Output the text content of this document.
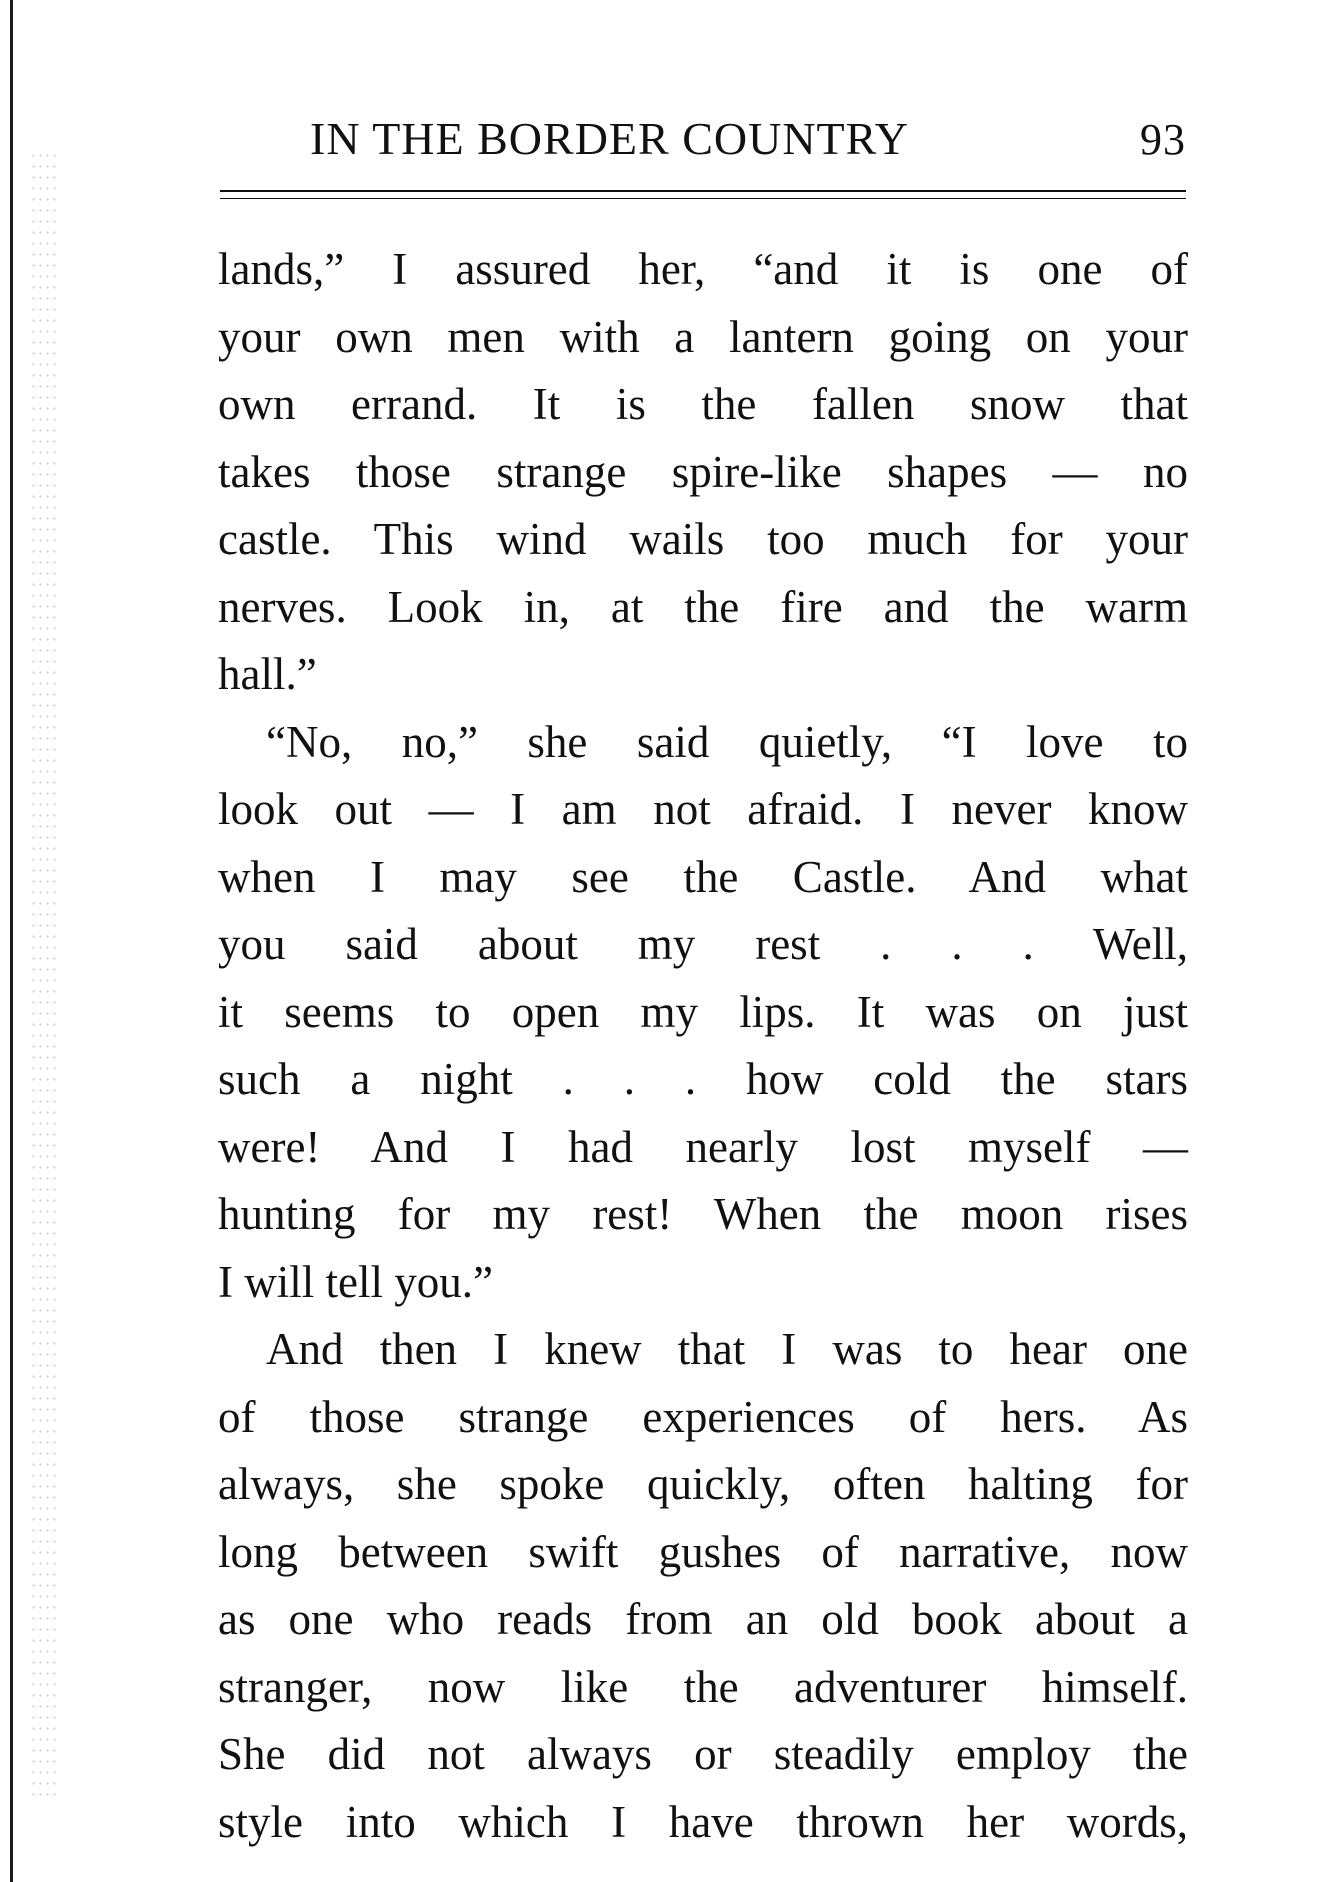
IN THE BORDER COUNTRY	93
lands,” I assured her, “and it is one of
your own men with a lantern going on your
own errand. It is the fallen snow that
takes those strange spire-like shapes — no
castle. This wind wails too much for your
nerves. Look in, at the fire and the warm
hall.”
“No, no,” she said quietly, “I love to
look out — I am not afraid. I never know
when I may see the Castle. And what
you said about my rest . . . Well,
it seems to open my lips. It was on just
such a night . . . how cold the stars
were! And I had nearly lost myself —
hunting for my rest! When the moon rises
I will tell you.”
And then I knew that I was to hear one
of those strange experiences of hers. As
always, she spoke quickly, often halting for
long between swift gushes of narrative, now
as one who reads from an old book about a
stranger, now like the adventurer himself.
She did not always or steadily employ the
style into which I have thrown her words,
